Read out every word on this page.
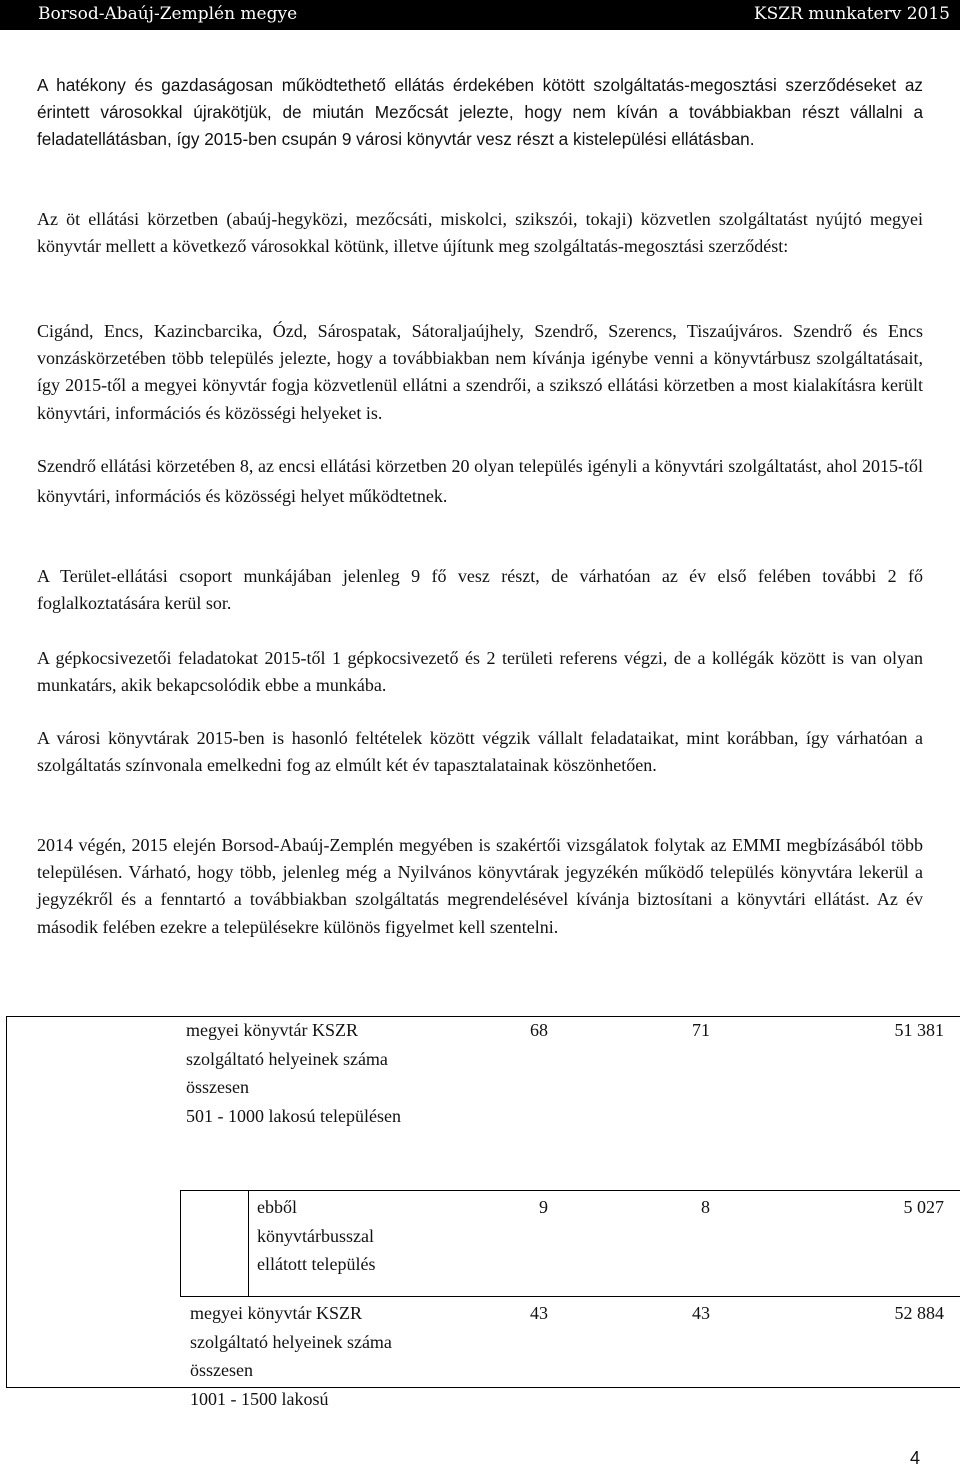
Borsod-Abaúj-Zemplén megye	KSZR munkaterv 2015

A hatékony és gazdaságosan működtethető ellátás érdekében kötött szolgáltatás-megosztási szerződéseket az érintett városokkal újrakötjük, de miután Mezőcsát jelezte, hogy nem kíván a továbbiakban részt vállalni a feladatellátásban, így 2015-ben csupán 9 városi könyvtár vesz részt a kistelepülési ellátásban.

Az öt ellátási körzetben (abaúj-hegyközi, mezőcsáti, miskolci, szikszói, tokaji) közvetlen szolgáltatást nyújtó megyei könyvtár mellett a következő városokkal kötünk, illetve újítunk meg szolgáltatás-megosztási szerződést:

Cigánd, Encs, Kazincbarcika, Ózd, Sárospatak, Sátoraljaújhely, Szendrő, Szerencs, Tiszaújváros. Szendrő és Encs vonzáskörzetében több település jelezte, hogy a továbbiakban nem kívánja igénybe venni a könyvtárbusz szolgáltatásait, így 2015-től a megyei könyvtár fogja közvetlenül ellátni a szendrői, a szikszó ellátási körzetben a most kialakításra került könyvtári, információs és közösségi helyeket is.

Szendrő ellátási körzetében 8, az encsi ellátási körzetben 20 olyan település igényli a könyvtári szolgáltatást, ahol 2015-től könyvtári, információs és közösségi helyet működtetnek.

A Terület-ellátási csoport munkájában jelenleg 9 fő vesz részt, de várhatóan az év első felében további 2 fő foglalkoztatására kerül sor.

A gépkocsivezetői feladatokat 2015-től 1 gépkocsivezető és 2 területi referens végzi, de a kollégák között is van olyan munkatárs, akik bekapcsolódik ebbe a munkába.

A városi könyvtárak 2015-ben is hasonló feltételek között végzik vállalt feladataikat, mint korábban, így várhatóan a szolgáltatás színvonala emelkedni fog az elmúlt két év tapasztalatainak köszönhetően.

2014 végén, 2015 elején Borsod-Abaúj-Zemplén megyében is szakértői vizsgálatok folytak az EMMI megbízásából több településen. Várható, hogy több, jelenleg még a Nyilvános könyvtárak jegyzékén működő település könyvtára lekerül a jegyzékről és a fenntartó a továbbiakban szolgáltatás megrendelésével kívánja biztosítani a könyvtári ellátást. Az év második felében ezekre a településekre különös figyelmet kell szentelni.

megyei könyvtár KSZR
szolgáltató helyeinek száma
összesen
501 - 1000 lakosú településen
68	71	51 381
ebből
könyvtárbusszal
ellátott település
9	8	5 027
megyei könyvtár KSZR
szolgáltató helyeinek száma
összesen
1001 - 1500 lakosú
43	43	52 884
4
